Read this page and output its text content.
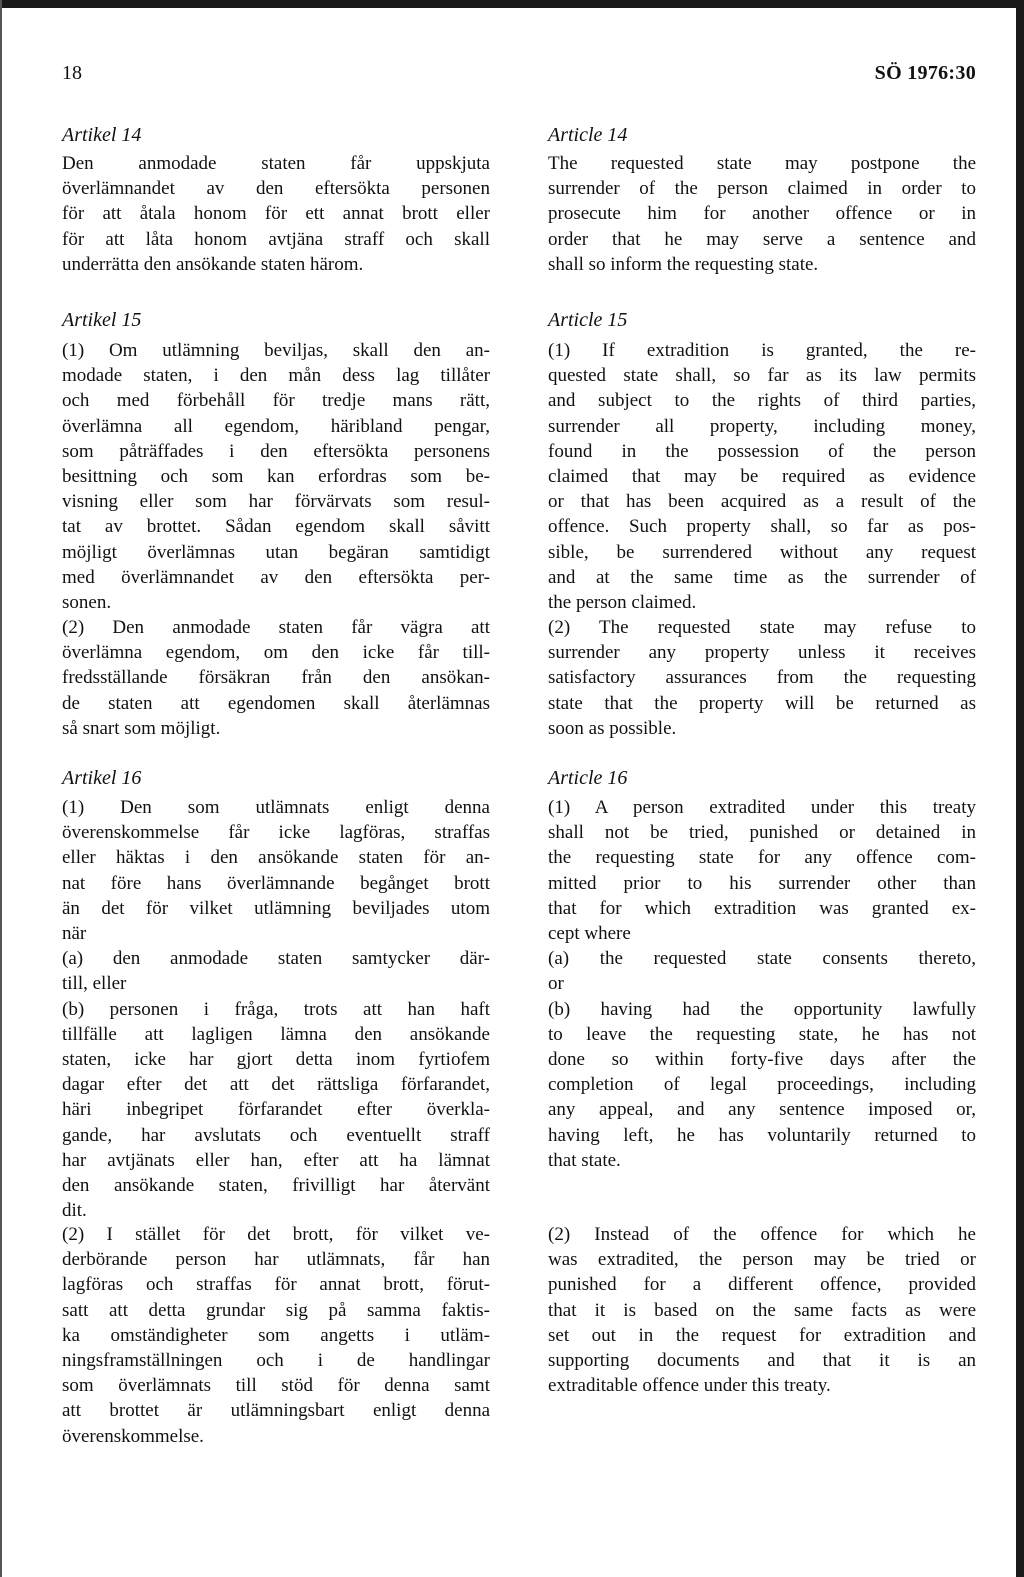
18	SÖ 1976:30
Artikel 14
Den anmodade staten får uppskjuta
överlämnandet av den eftersökta personen
för att åtala honom för ett annat brott eller
för att låta honom avtjäna straff och skall
underrätta den ansökande staten härom.
Artikel 15
(1) Om utlämning beviljas, skall den an-
modade staten, i den mån dess lag tillåter
och med förbehåll för tredje mans rätt,
överlämna all egendom, häribland pengar,
som påträffades i den eftersökta personens
besittning och som kan erfordras som be-
visning eller som har förvärvats som resul-
tat av brottet. Sådan egendom skall såvitt
möjligt överlämnas utan begäran samtidigt
med överlämnandet av den eftersökta per-
sonen.
(2) Den anmodade staten får vägra att
överlämna egendom, om den icke får till-
fredsställande försäkran från den ansökan-
de staten att egendomen skall återlämnas
så snart som möjligt.
Artikel 16
(1) Den som utlämnats enligt denna
överenskommelse får icke lagföras, straffas
eller häktas i den ansökande staten för an-
nat före hans överlämnande begånget brott
än det för vilket utlämning beviljades utom
när
(a) den anmodade staten samtycker där-
till, eller
(b) personen i fråga, trots att han haft
tillfälle att lagligen lämna den ansökande
staten, icke har gjort detta inom fyrtiofem
dagar efter det att det rättsliga förfarandet,
häri inbegripet förfarandet efter överkla-
gande, har avslutats och eventuellt straff
har avtjänats eller han, efter att ha lämnat
den ansökande staten, frivilligt har återvänt
dit.
(2) I stället för det brott, för vilket ve-
derbörande person har utlämnats, får han
lagföras och straffas för annat brott, förut-
satt att detta grundar sig på samma faktis-
ka omständigheter som angetts i utläm-
ningsframställningen och i de handlingar
som överlämnats till stöd för denna samt
att brottet är utlämningsbart enligt denna
överenskommelse.
Article 14
The requested state may postpone the
surrender of the person claimed in order to
prosecute him for another offence or in
order that he may serve a sentence and
shall so inform the requesting state.
Article 15
(1) If extradition is granted, the re-
quested state shall, so far as its law permits
and subject to the rights of third parties,
surrender all property, including money,
found in the possession of the person
claimed that may be required as evidence
or that has been acquired as a result of the
offence. Such property shall, so far as pos-
sible, be surrendered without any request
and at the same time as the surrender of
the person claimed.
(2) The requested state may refuse to
surrender any property unless it receives
satisfactory assurances from the requesting
state that the property will be returned as
soon as possible.
Article 16
(1) A person extradited under this treaty
shall not be tried, punished or detained in
the requesting state for any offence com-
mitted prior to his surrender other than
that for which extradition was granted ex-
cept where
(a) the requested state consents thereto,
or
(b) having had the opportunity lawfully
to leave the requesting state, he has not
done so within forty-five days after the
completion of legal proceedings, including
any appeal, and any sentence imposed or,
having left, he has voluntarily returned to
that state.
(2) Instead of the offence for which he
was extradited, the person may be tried or
punished for a different offence, provided
that it is based on the same facts as were
set out in the request for extradition and
supporting documents and that it is an
extraditable offence under this treaty.
